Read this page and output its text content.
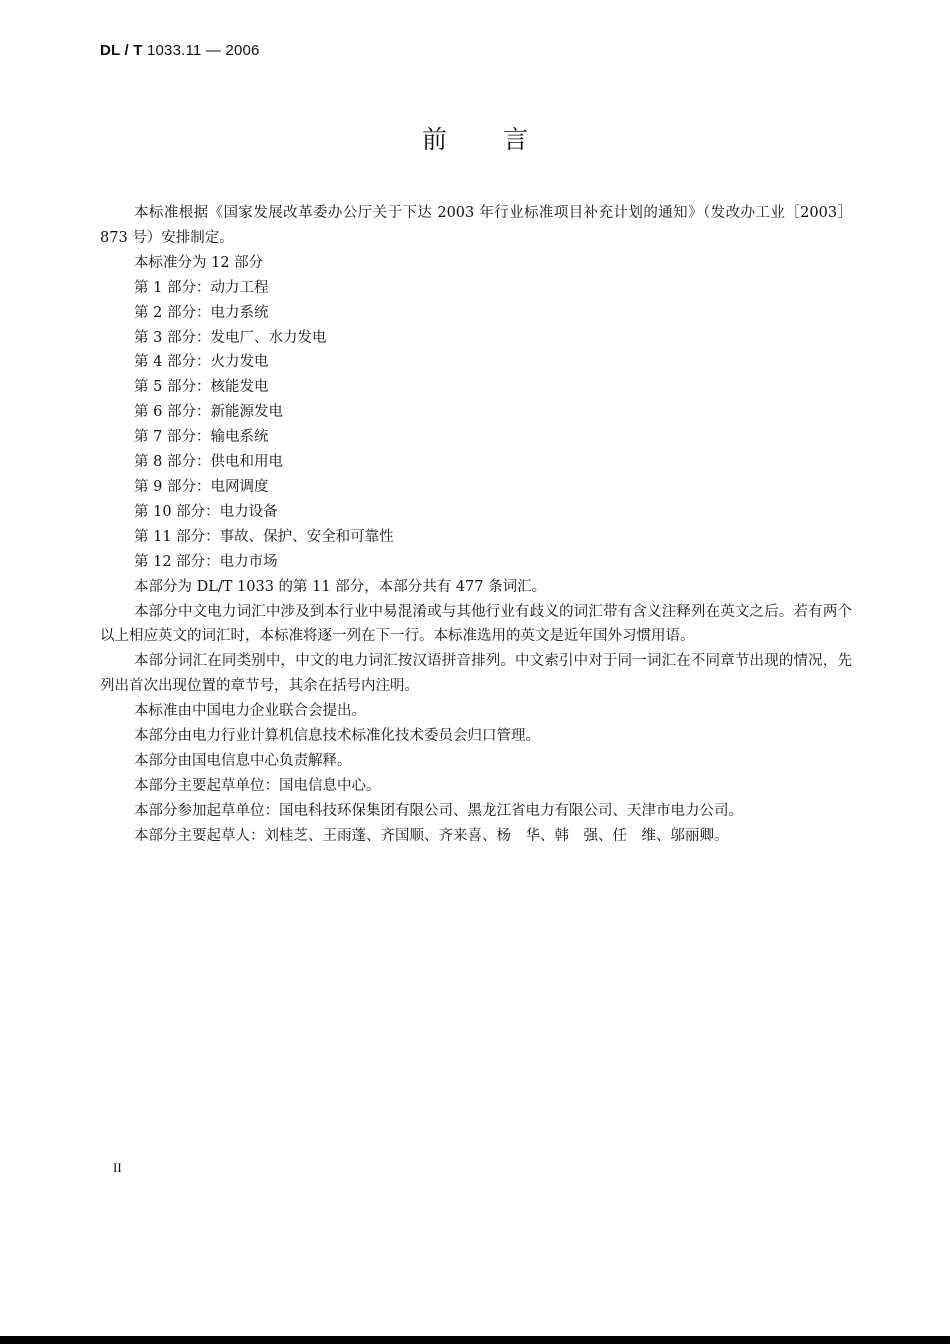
DL / T 1033.11 — 2006
前言

本标准根据《国家发展改革委办公厅关于下达 2003 年行业标准项目补充计划的通知》（发改办工业［2003］873 号）安排制定。

本标准分为 12 部分

第 1 部分：动力工程

第 2 部分：电力系统

第 3 部分：发电厂、水力发电

第 4 部分：火力发电

第 5 部分：核能发电

第 6 部分：新能源发电

第 7 部分：输电系统

第 8 部分：供电和用电

第 9 部分：电网调度

第 10 部分：电力设备

第 11 部分：事故、保护、安全和可靠性

第 12 部分：电力市场

本部分为 DL/T 1033 的第 11 部分，本部分共有 477 条词汇。

本部分中文电力词汇中涉及到本行业中易混淆或与其他行业有歧义的词汇带有含义注释列在英文之后。若有两个以上相应英文的词汇时，本标准将逐一列在下一行。本标准选用的英文是近年国外习惯用语。

本部分词汇在同类别中，中文的电力词汇按汉语拼音排列。中文索引中对于同一词汇在不同章节出现的情况，先列出首次出现位置的章节号，其余在括号内注明。

本标准由中国电力企业联合会提出。

本部分由电力行业计算机信息技术标准化技术委员会归口管理。

本部分由国电信息中心负责解释。

本部分主要起草单位：国电信息中心。

本部分参加起草单位：国电科技环保集团有限公司、黑龙江省电力有限公司、天津市电力公司。

本部分主要起草人：刘桂芝、王雨蓬、齐国顺、齐来喜、杨　华、韩　强、任　维、邬丽卿。

II
